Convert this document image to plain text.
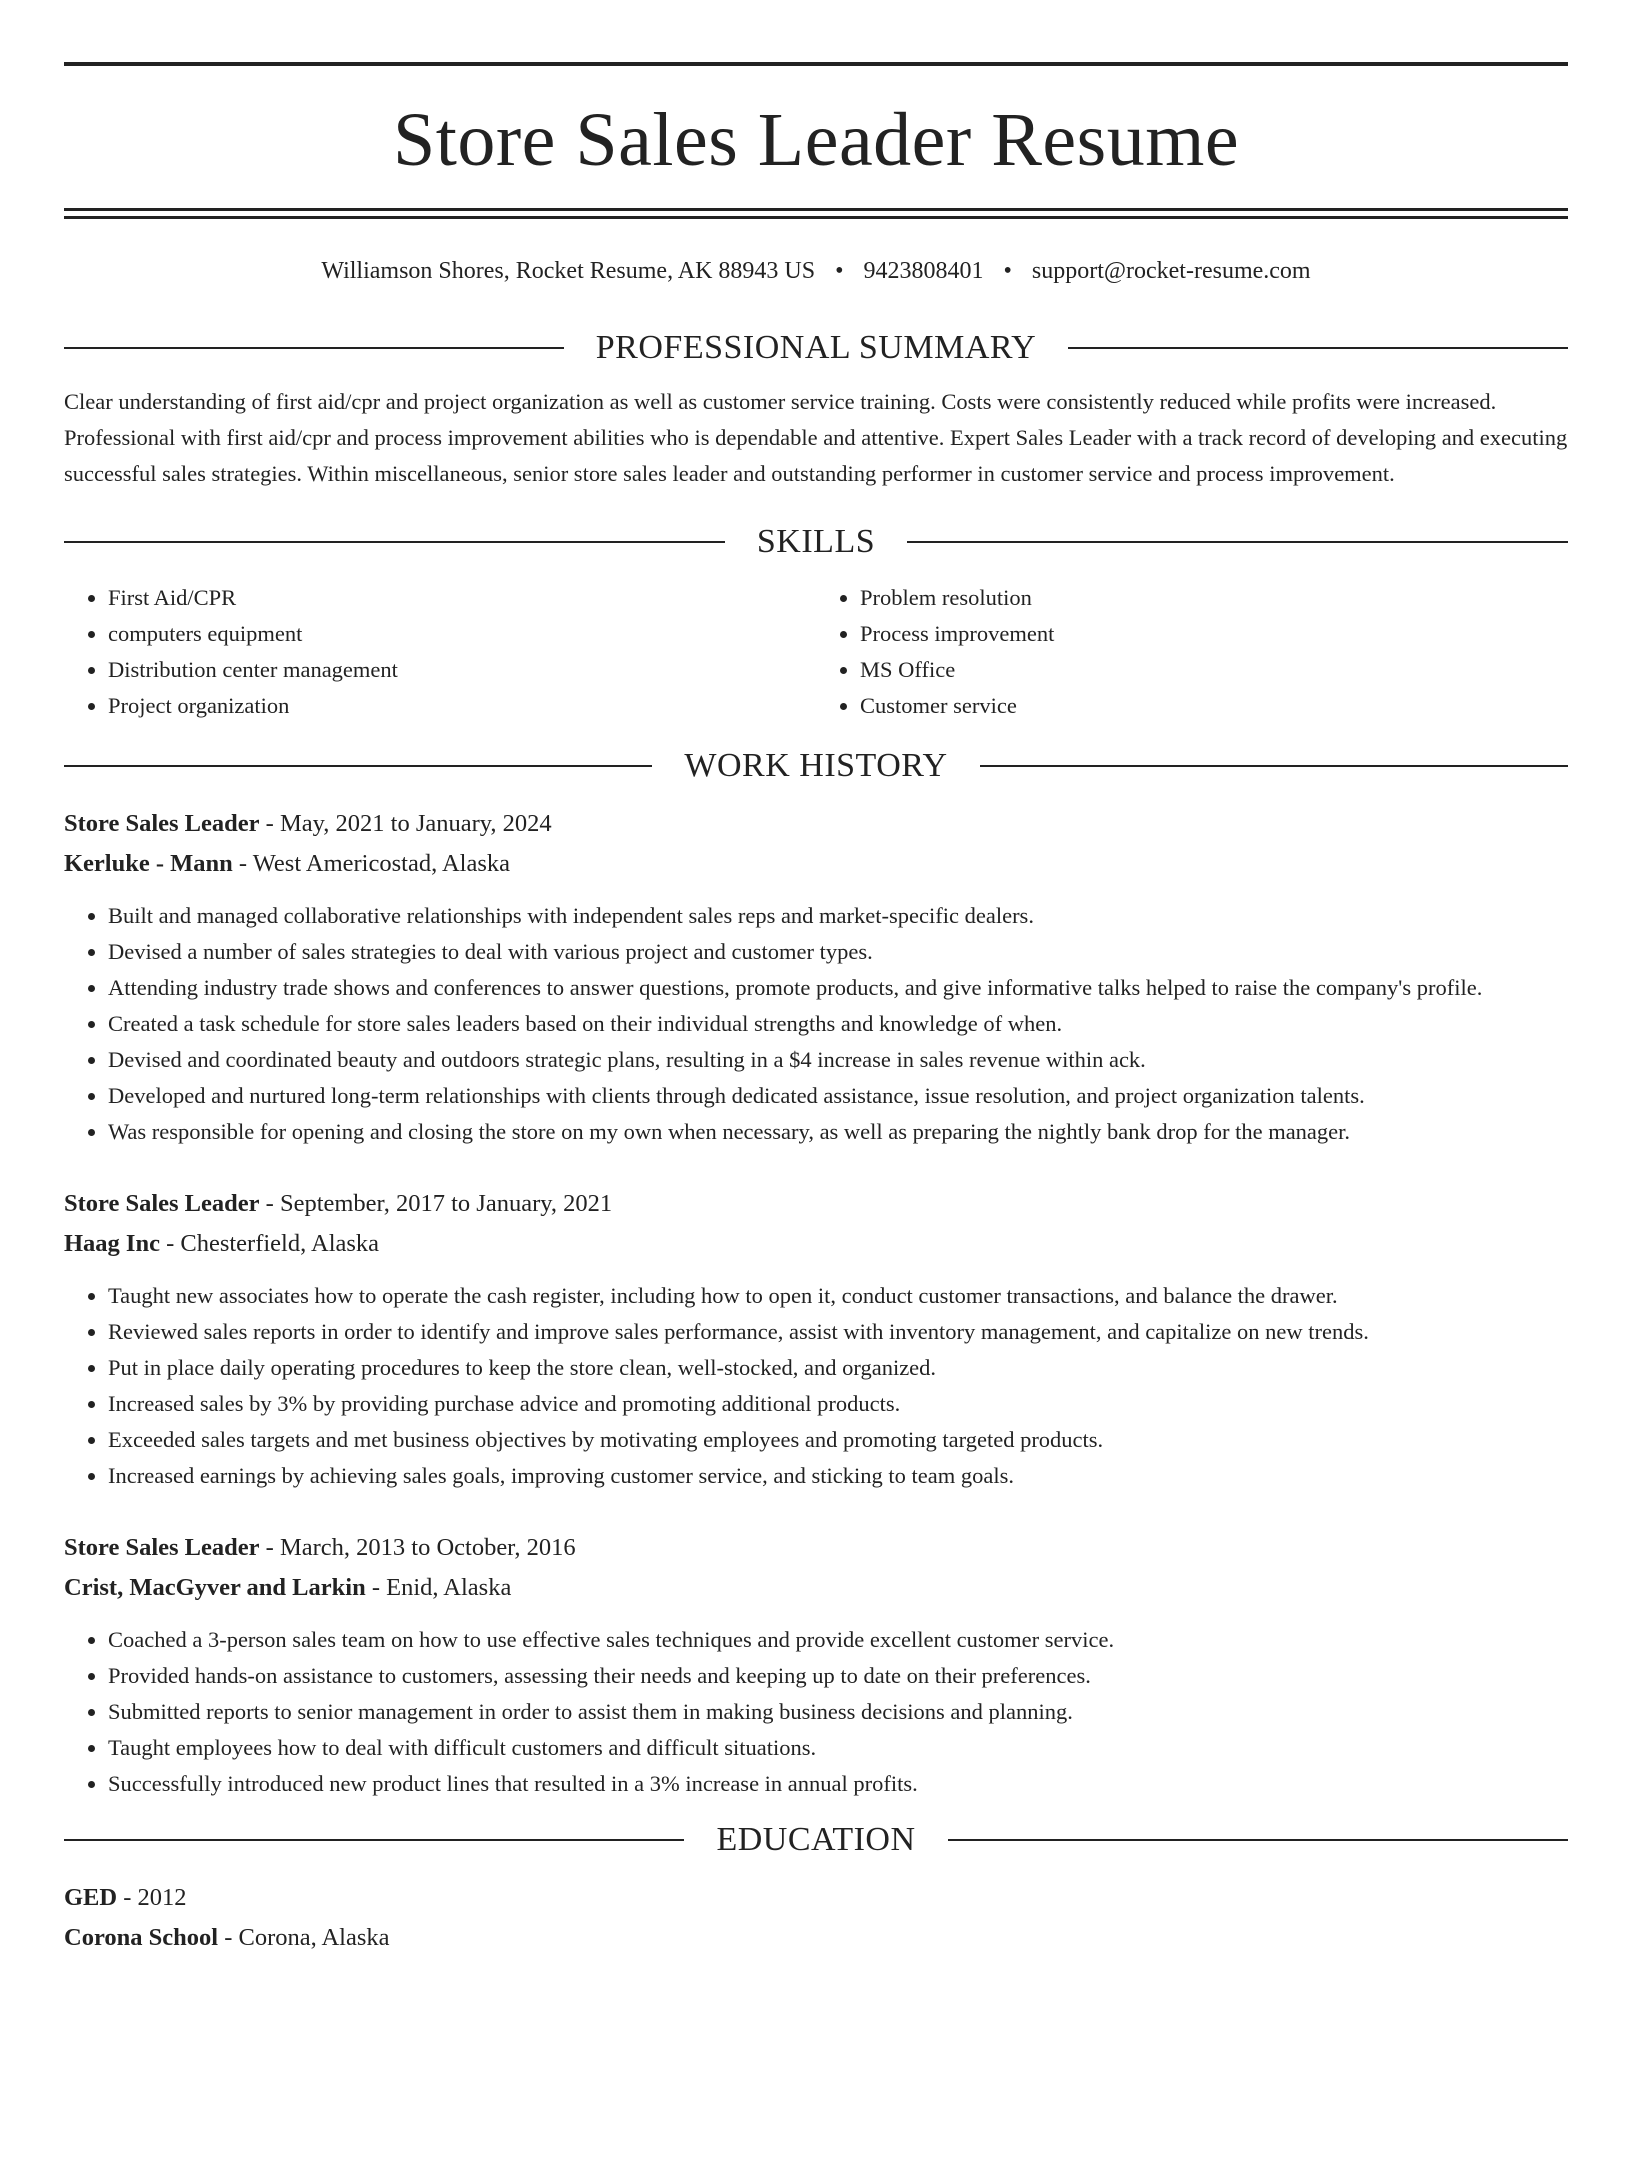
Store Sales Leader Resume
Williamson Shores, Rocket Resume, AK 88943 US • 9423808401 • support@rocket-resume.com
PROFESSIONAL SUMMARY

Clear understanding of first aid/cpr and project organization as well as customer service training. Costs were consistently reduced while profits were increased. Professional with first aid/cpr and process improvement abilities who is dependable and attentive. Expert Sales Leader with a track record of developing and executing successful sales strategies. Within miscellaneous, senior store sales leader and outstanding performer in customer service and process improvement.

SKILLS
• First Aid/CPR
• computers equipment
• Distribution center management
• Project organization
• Problem resolution
• Process improvement
• MS Office
• Customer service
WORK HISTORY
Store Sales Leader - May, 2021 to January, 2024
Kerluke - Mann - West Americostad, Alaska
• Built and managed collaborative relationships with independent sales reps and market-specific dealers.
• Devised a number of sales strategies to deal with various project and customer types.
• Attending industry trade shows and conferences to answer questions, promote products, and give informative talks helped to raise the company's profile.
• Created a task schedule for store sales leaders based on their individual strengths and knowledge of when.
• Devised and coordinated beauty and outdoors strategic plans, resulting in a $4 increase in sales revenue within ack.
• Developed and nurtured long-term relationships with clients through dedicated assistance, issue resolution, and project organization talents.
• Was responsible for opening and closing the store on my own when necessary, as well as preparing the nightly bank drop for the manager.
Store Sales Leader - September, 2017 to January, 2021
Haag Inc - Chesterfield, Alaska
• Taught new associates how to operate the cash register, including how to open it, conduct customer transactions, and balance the drawer.
• Reviewed sales reports in order to identify and improve sales performance, assist with inventory management, and capitalize on new trends.
• Put in place daily operating procedures to keep the store clean, well-stocked, and organized.
• Increased sales by 3% by providing purchase advice and promoting additional products.
• Exceeded sales targets and met business objectives by motivating employees and promoting targeted products.
• Increased earnings by achieving sales goals, improving customer service, and sticking to team goals.
Store Sales Leader - March, 2013 to October, 2016
Crist, MacGyver and Larkin - Enid, Alaska
• Coached a 3-person sales team on how to use effective sales techniques and provide excellent customer service.
• Provided hands-on assistance to customers, assessing their needs and keeping up to date on their preferences.
• Submitted reports to senior management in order to assist them in making business decisions and planning.
• Taught employees how to deal with difficult customers and difficult situations.
• Successfully introduced new product lines that resulted in a 3% increase in annual profits.
EDUCATION
GED - 2012
Corona School - Corona, Alaska
